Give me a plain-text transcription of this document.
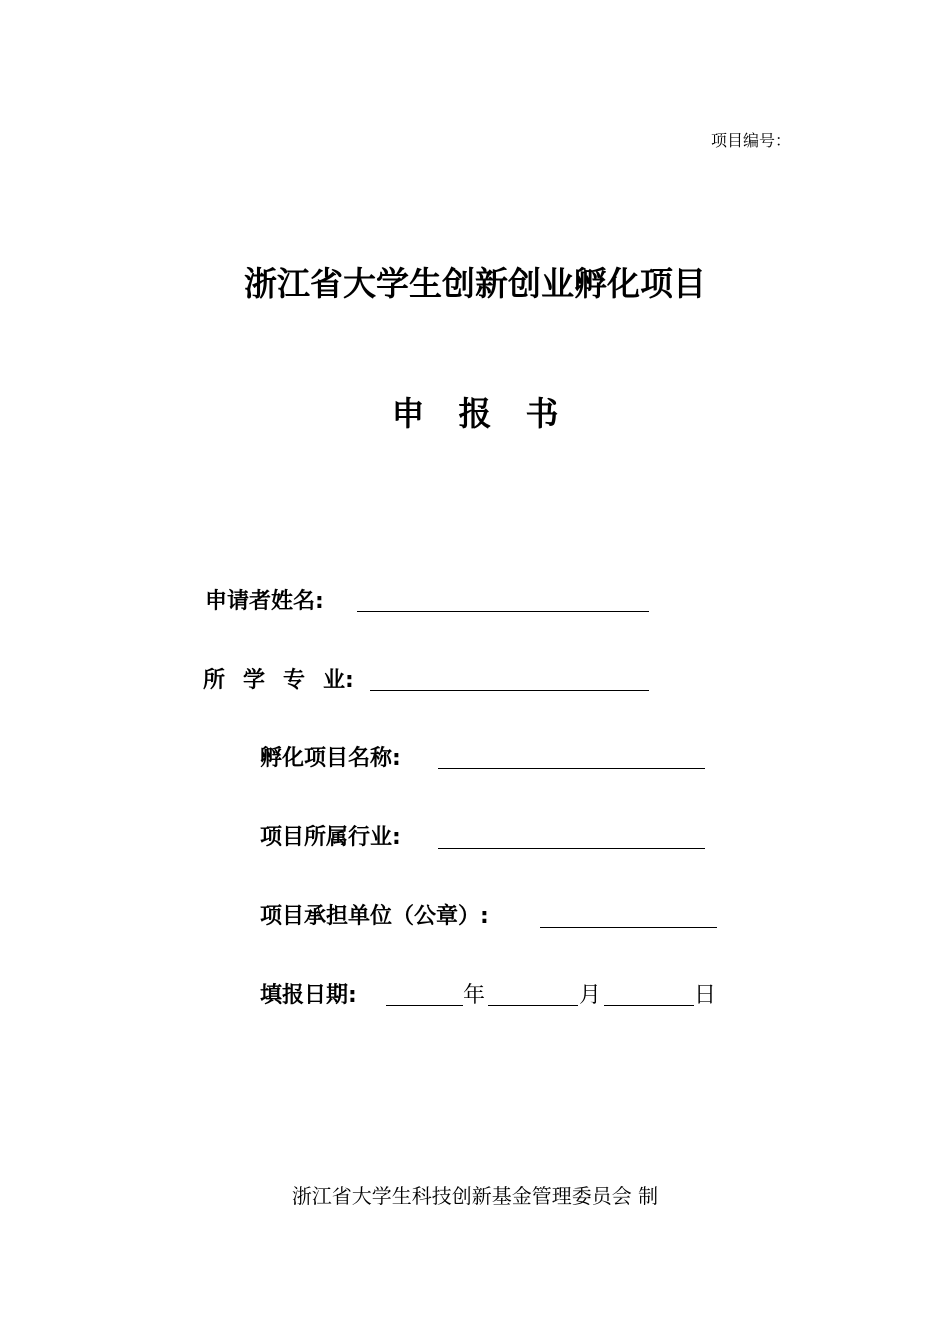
项目编号：
浙江省大学生创新创业孵化项目
申 报 书
申请者姓名:
所 学 专 业:
孵化项目名称:
项目所属行业:
项目承担单位（公章）:
填报日期:	年	月	日
浙江省大学生科技创新基金管理委员会 制
